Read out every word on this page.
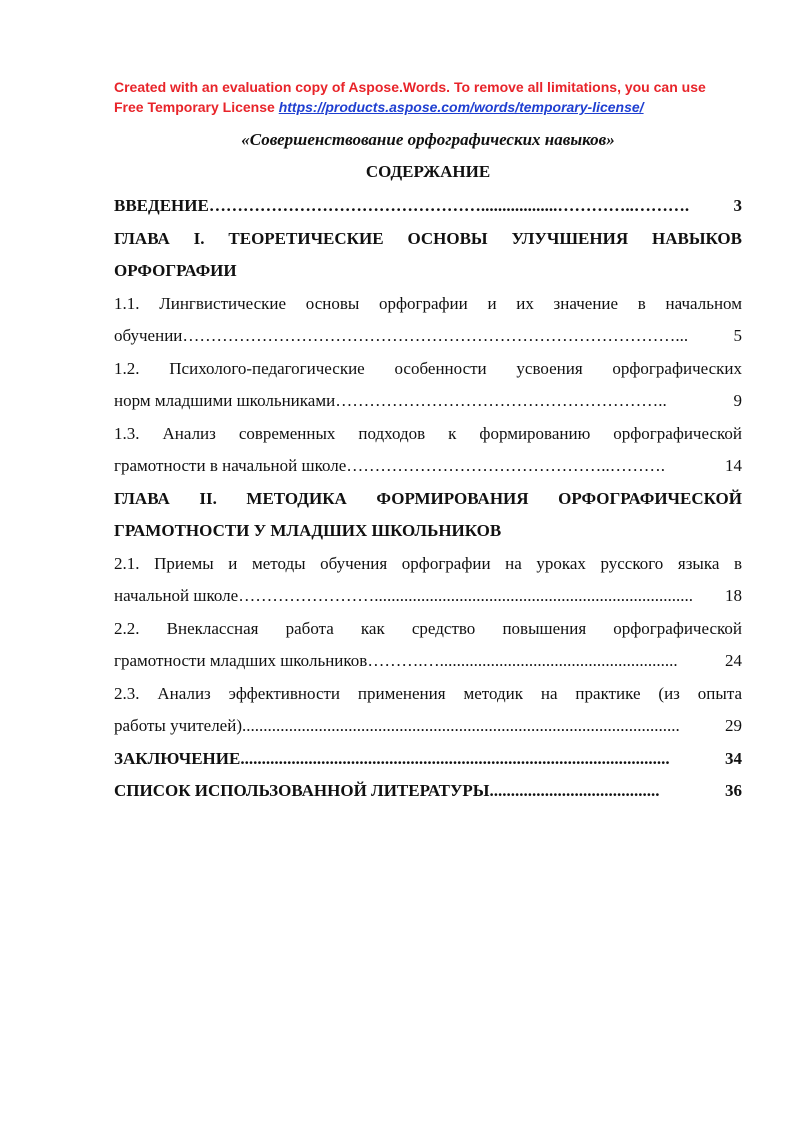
Created with an evaluation copy of Aspose.Words. To remove all limitations, you can use
Free Temporary License https://products.aspose.com/words/temporary-license/
«Совершенствование орфографических навыков»
СОДЕРЖАНИЕ
ВВЕДЕНИЕ …………………………………………..................…………..……….	3
ГЛАВА I. ТЕОРЕТИЧЕСКИЕ ОСНОВЫ УЛУЧШЕНИЯ НАВЫКОВ
ОРФОГРАФИИ
1.1. Лингвистические основы орфографии и их значение в начальном
обучении ……………………………………………………………………………...	5
1.2. Психолого-педагогические особенности усвоения орфографических
норм младшими школьниками …………………………………………………..	9
1.3. Анализ современных подходов к формированию орфографической
грамотности в начальной школе ………………………………………..……….	14
ГЛАВА II. МЕТОДИКА ФОРМИРОВАНИЯ ОРФОГРАФИЧЕСКОЙ
ГРАМОТНОСТИ У МЛАДШИХ ШКОЛЬНИКОВ
2.1. Приемы и методы обучения орфографии на уроках русского языка в
начальной школе ……………………...........................................................................	18
2.2. Внеклассная работа как средство повышения орфографической
грамотности младших школьников ……….…........................................................	24
2.3. Анализ эффективности применения методик на практике (из опыта
работы учителей) .......................................................................................................	29
ЗАКЛЮЧЕНИЕ .....................................................................................................	34
СПИСОК ИСПОЛЬЗОВАННОЙ ЛИТЕРАТУРЫ ........................................	36
